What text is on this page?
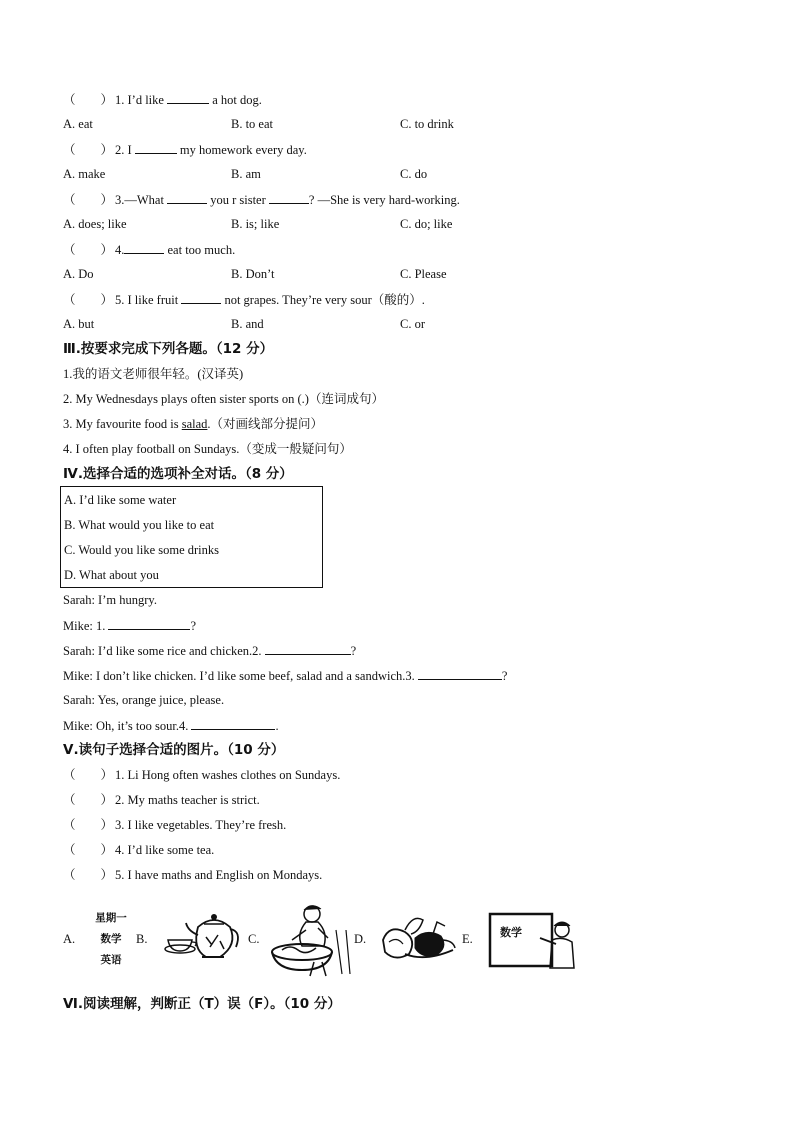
（　　） 1. I’d like	a hot dog.
A. eat	B. to eat	C. to drink
（　　） 2. I	my homework every day.
A. make	B. am	C. do
（　　） 3.—What	you r sister	? —She is very hard-working.
A. does; like	B. is; like	C. do; like
（　　） 4.	eat too much.
A. Do	B. Don’t	C. Please
（　　） 5. I like fruit	not grapes. They’re very sour（酸的）.
A. but	B. and	C. or
Ⅲ.按要求完成下列各题。（12 分）
1.我的语文老师很年轻。(汉译英)
2. My Wednesdays plays often sister sports on (.)（连词成句）
3. My favourite food is salad.（对画线部分提问）
4. I often play football on Sundays.（变成一般疑问句）
Ⅳ.选择合适的选项补全对话。（8 分）
A. I’d like some water
B. What would you like to eat
C. Would you like some drinks
D. What about you
Sarah: I’m hungry.
Mike: 1.	?
Sarah: I’d like some rice and chicken.2.	?
Mike: I don’t like chicken. I’d like some beef, salad and a sandwich.3.	?
Sarah: Yes, orange juice, please.
Mike: Oh, it’s too sour.4.	.
Ⅴ.读句子选择合适的图片。（10 分）
（　　） 1. Li Hong often washes clothes on Sundays.
（　　） 2. My maths teacher is strict.
（　　） 3. I like vegetables. They’re fresh.
（　　） 4. I’d like some tea.
（　　） 5. I have maths and English on Mondays.
A.
星期一
数学
英语
B.	C.	D.	E. 数学
Ⅵ.阅读理解，判断正（T）误（F）。（10 分）
